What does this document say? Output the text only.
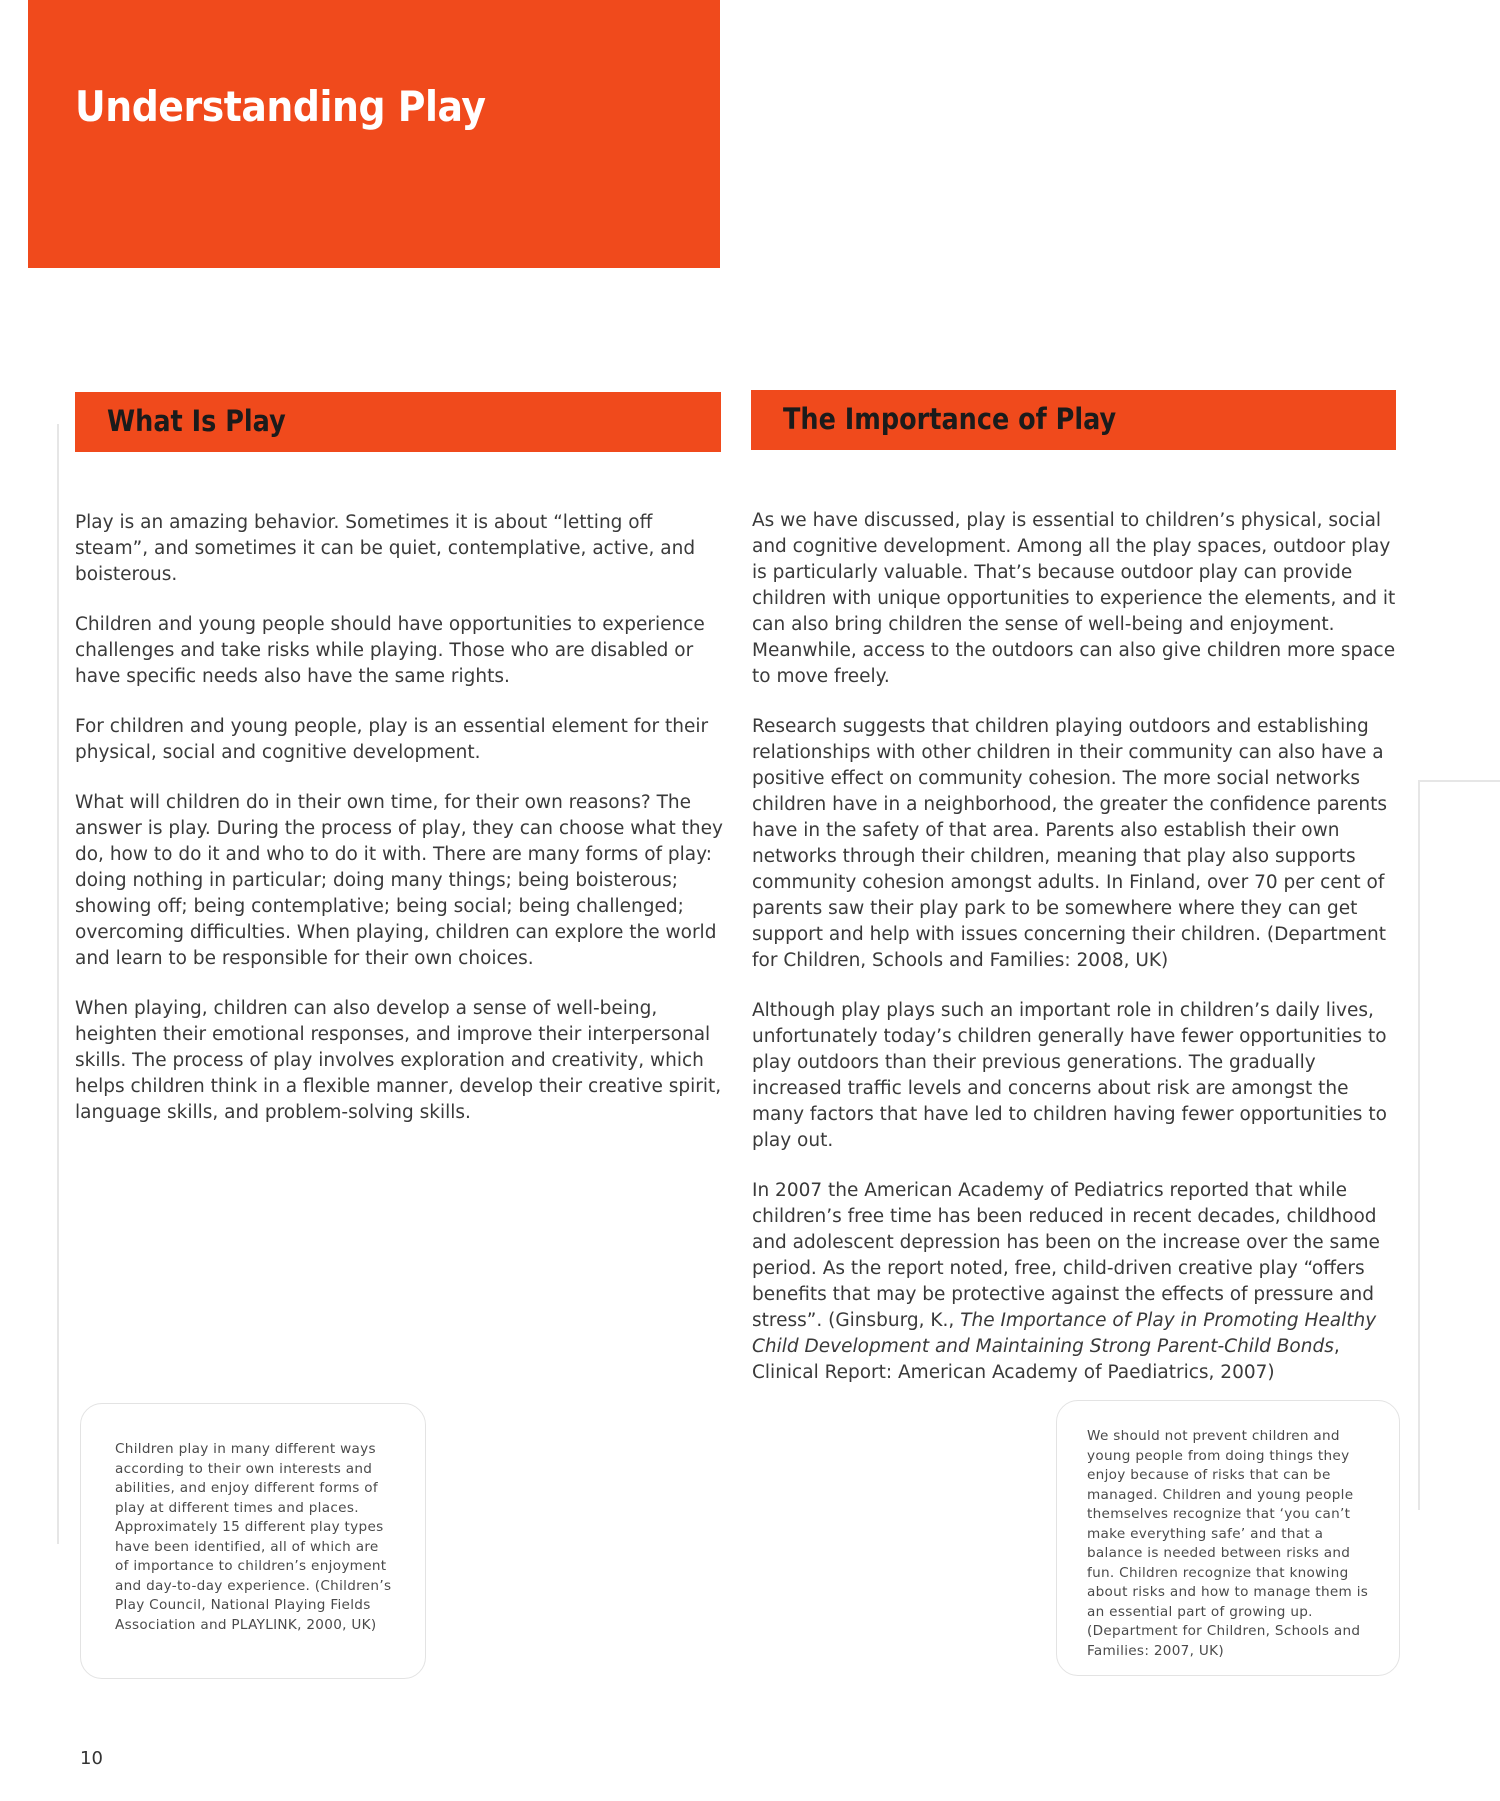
Understanding Play
What Is Play	The Importance of Play

Play is an amazing behavior. Sometimes it is about “letting off steam”, and sometimes it can be quiet, contemplative, active, and boisterous.

Children and young people should have opportunities to experience challenges and take risks while playing. Those who are disabled or have specific needs also have the same rights.

For children and young people, play is an essential element for their physical, social and cognitive development.

What will children do in their own time, for their own reasons? The answer is play. During the process of play, they can choose what they do, how to do it and who to do it with. There are many forms of play: doing nothing in particular; doing many things; being boisterous; showing off; being contemplative; being social; being challenged; overcoming difficulties. When playing, children can explore the world and learn to be responsible for their own choices.

When playing, children can also develop a sense of well-being, heighten their emotional responses, and improve their interpersonal skills. The process of play involves exploration and creativity, which helps children think in a flexible manner, develop their creative spirit, language skills, and problem-solving skills.

As we have discussed, play is essential to children’s physical, social and cognitive development. Among all the play spaces, outdoor play is particularly valuable. That’s because outdoor play can provide children with unique opportunities to experience the elements, and it can also bring children the sense of well-being and enjoyment. Meanwhile, access to the outdoors can also give children more space to move freely.

Research suggests that children playing outdoors and establishing relationships with other children in their community can also have a positive effect on community cohesion. The more social networks children have in a neighborhood, the greater the confidence parents have in the safety of that area. Parents also establish their own networks through their children, meaning that play also supports community cohesion amongst adults. In Finland, over 70 per cent of parents saw their play park to be somewhere where they can get support and help with issues concerning their children. (Department for Children, Schools and Families: 2008, UK)

Although play plays such an important role in children’s daily lives, unfortunately today’s children generally have fewer opportunities to play outdoors than their previous generations. The gradually increased traffic levels and concerns about risk are amongst the many factors that have led to children having fewer opportunities to play out.

In 2007 the American Academy of Pediatrics reported that while children’s free time has been reduced in recent decades, childhood and adolescent depression has been on the increase over the same period. As the report noted, free, child-driven creative play “offers benefits that may be protective against the effects of pressure and stress”. (Ginsburg, K., The Importance of Play in Promoting Healthy Child Development and Maintaining Strong Parent-Child Bonds, Clinical Report: American Academy of Paediatrics, 2007)

Children play in many different ways according to their own interests and abilities, and enjoy different forms of play at different times and places. Approximately 15 different play types have been identified, all of which are of importance to children’s enjoyment and day-to-day experience. (Children’s Play Council, National Playing Fields Association and PLAYLINK, 2000, UK)
We should not prevent children and young people from doing things they enjoy because of risks that can be managed. Children and young people themselves recognize that ‘you can’t make everything safe’ and that a balance is needed between risks and fun. Children recognize that knowing about risks and how to manage them is an essential part of growing up. (Department for Children, Schools and Families: 2007, UK)
10
